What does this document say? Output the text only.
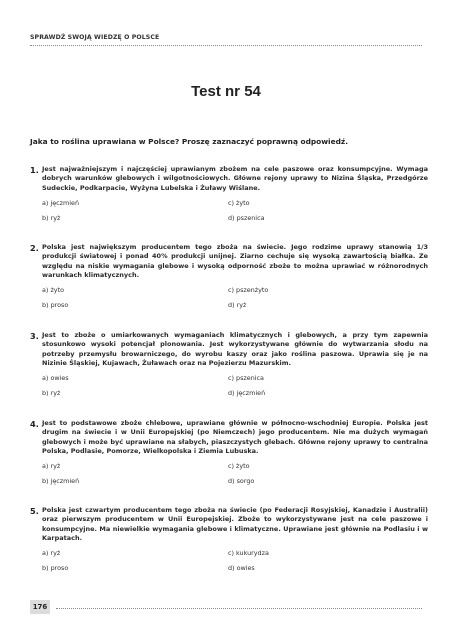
SPRAWDŹ SWOJĄ WIEDZĘ O POLSCE
Test nr 54
Jaka to roślina uprawiana w Polsce? Proszę zaznaczyć poprawną odpowiedź.
1. Jest najważniejszym i najczęściej uprawianym zbożem na cele paszowe oraz konsumpcyjne. Wymaga dobrych warunków glebowych i wilgotnościowych. Główne rejony uprawy to Nizina Śląska, Przedgórze Sudeckie, Podkarpacie, Wyżyna Lubelska i Żuławy Wiślane.
a) jęczmień	c) żyto
b) ryż	d) pszenica
2. Polska jest największym producentem tego zboża na świecie. Jego rodzime uprawy stanowią 1/3 produkcji światowej i ponad 40% produkcji unijnej. Ziarno cechuje się wysoką zawartością białka. Ze względu na niskie wymagania glebowe i wysoką odporność zboże to można uprawiać w różnorodnych warunkach klimatycznych.
a) żyto	c) pszenżyto
b) proso	d) ryż
3. Jest to zboże o umiarkowanych wymaganiach klimatycznych i glebowych, a przy tym zapewnia stosunkowo wysoki potencjał plonowania. Jest wykorzystywane głównie do wytwarzania słodu na potrzeby przemysłu browarniczego, do wyrobu kaszy oraz jako roślina paszowa. Uprawia się je na Nizinie Śląskiej, Kujawach, Żuławach oraz na Pojezierzu Mazurskim.
a) owies	c) pszenica
b) ryż	d) jęczmień
4. Jest to podstawowe zboże chlebowe, uprawiane głównie w północno-wschodniej Europie. Polska jest drugim na świecie i w Unii Europejskiej (po Niemczech) jego producentem. Nie ma dużych wymagań glebowych i może być uprawiane na słabych, piaszczystych glebach. Główne rejony uprawy to centralna Polska, Podlasie, Pomorze, Wielkopolska i Ziemia Lubuska.
a) ryż	c) żyto
b) jęczmień	d) sorgo
5. Polska jest czwartym producentem tego zboża na świecie (po Federacji Rosyjskiej, Kanadzie i Australii) oraz pierwszym producentem w Unii Europejskiej. Zboże to wykorzystywane jest na cele paszowe i konsumpcyjne. Ma niewielkie wymagania glebowe i klimatyczne. Uprawiane jest głównie na Podlasiu i w Karpatach.
a) ryż	c) kukurydza
b) proso	d) owies
176
